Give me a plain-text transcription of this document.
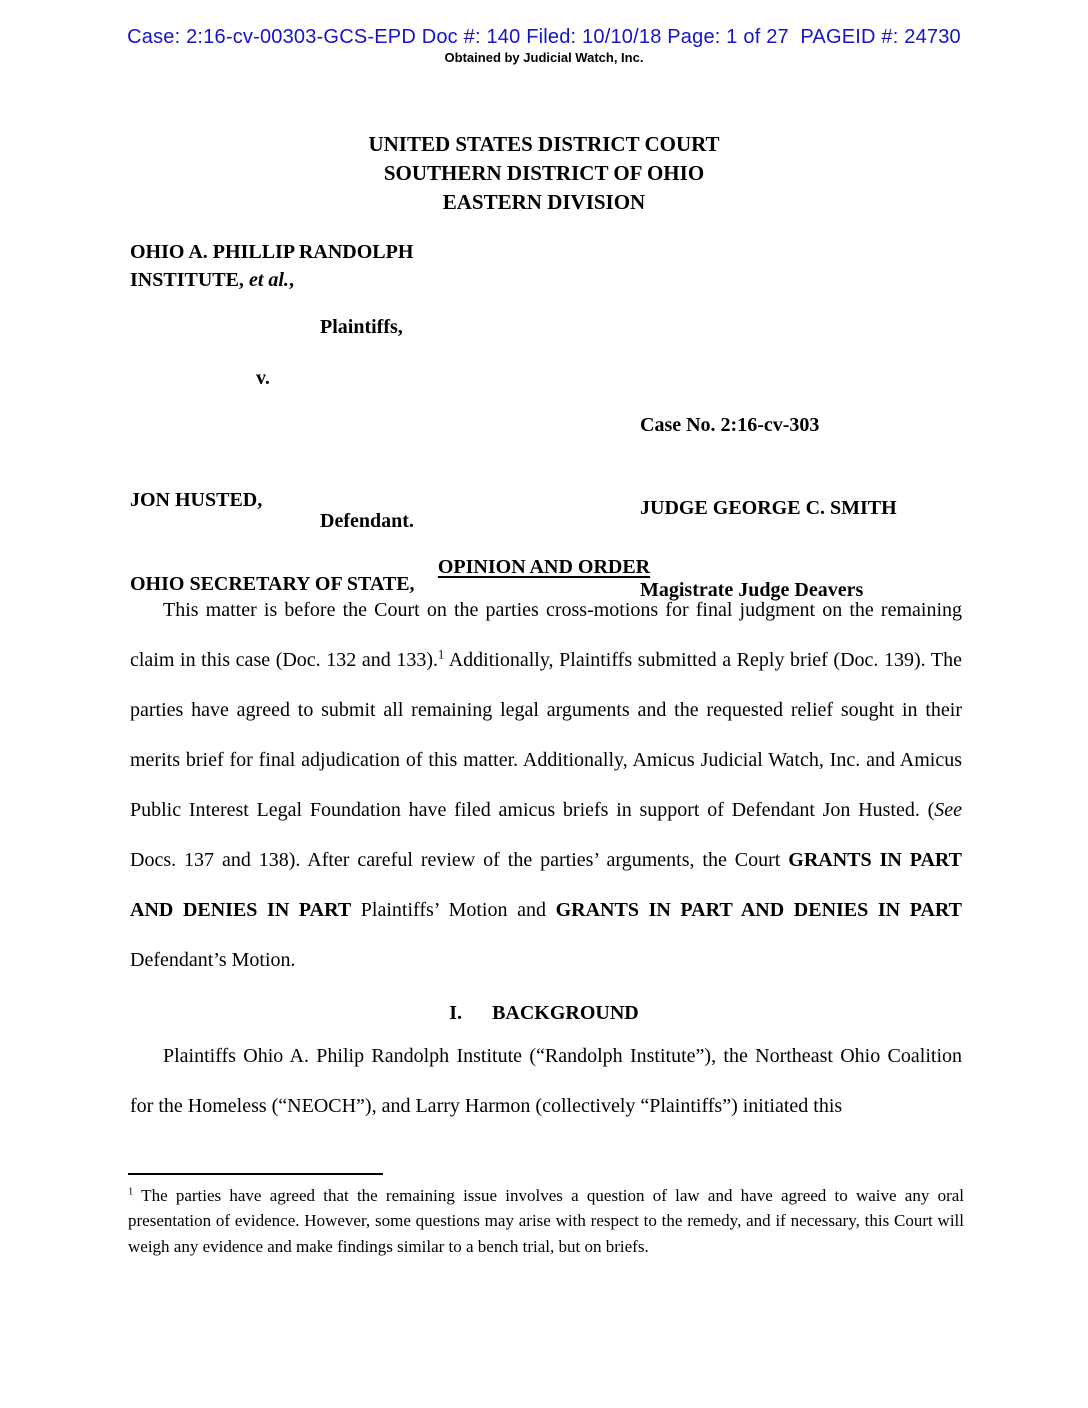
Case: 2:16-cv-00303-GCS-EPD Doc #: 140 Filed: 10/10/18 Page: 1 of 27  PAGEID #: 24730
Obtained by Judicial Watch, Inc.
UNITED STATES DISTRICT COURT
SOUTHERN DISTRICT OF OHIO
EASTERN DIVISION
OHIO A. PHILLIP RANDOLPH
INSTITUTE, et al.,
Plaintiffs,
v.

Case No. 2:16-cv-303

JUDGE GEORGE C. SMITH

Magistrate Judge Deavers

JON HUSTED,

OHIO SECRETARY OF STATE,

Defendant.
OPINION AND ORDER
This matter is before the Court on the parties cross-motions for final judgment on the remaining claim in this case (Doc. 132 and 133).$^1$ Additionally, Plaintiffs submitted a Reply brief (Doc. 139). The parties have agreed to submit all remaining legal arguments and the requested relief sought in their merits brief for final adjudication of this matter. Additionally, Amicus Judicial Watch, Inc. and Amicus Public Interest Legal Foundation have filed amicus briefs in support of Defendant Jon Husted. (See Docs. 137 and 138). After careful review of the parties’ arguments, the Court GRANTS IN PART AND DENIES IN PART Plaintiffs’ Motion and GRANTS IN PART AND DENIES IN PART Defendant’s Motion.
I. BACKGROUND
Plaintiffs Ohio A. Philip Randolph Institute (“Randolph Institute”), the Northeast Ohio Coalition for the Homeless (“NEOCH”), and Larry Harmon (collectively “Plaintiffs”) initiated this
$^1$ The parties have agreed that the remaining issue involves a question of law and have agreed to waive any oral presentation of evidence. However, some questions may arise with respect to the remedy, and if necessary, this Court will weigh any evidence and make findings similar to a bench trial, but on briefs.
